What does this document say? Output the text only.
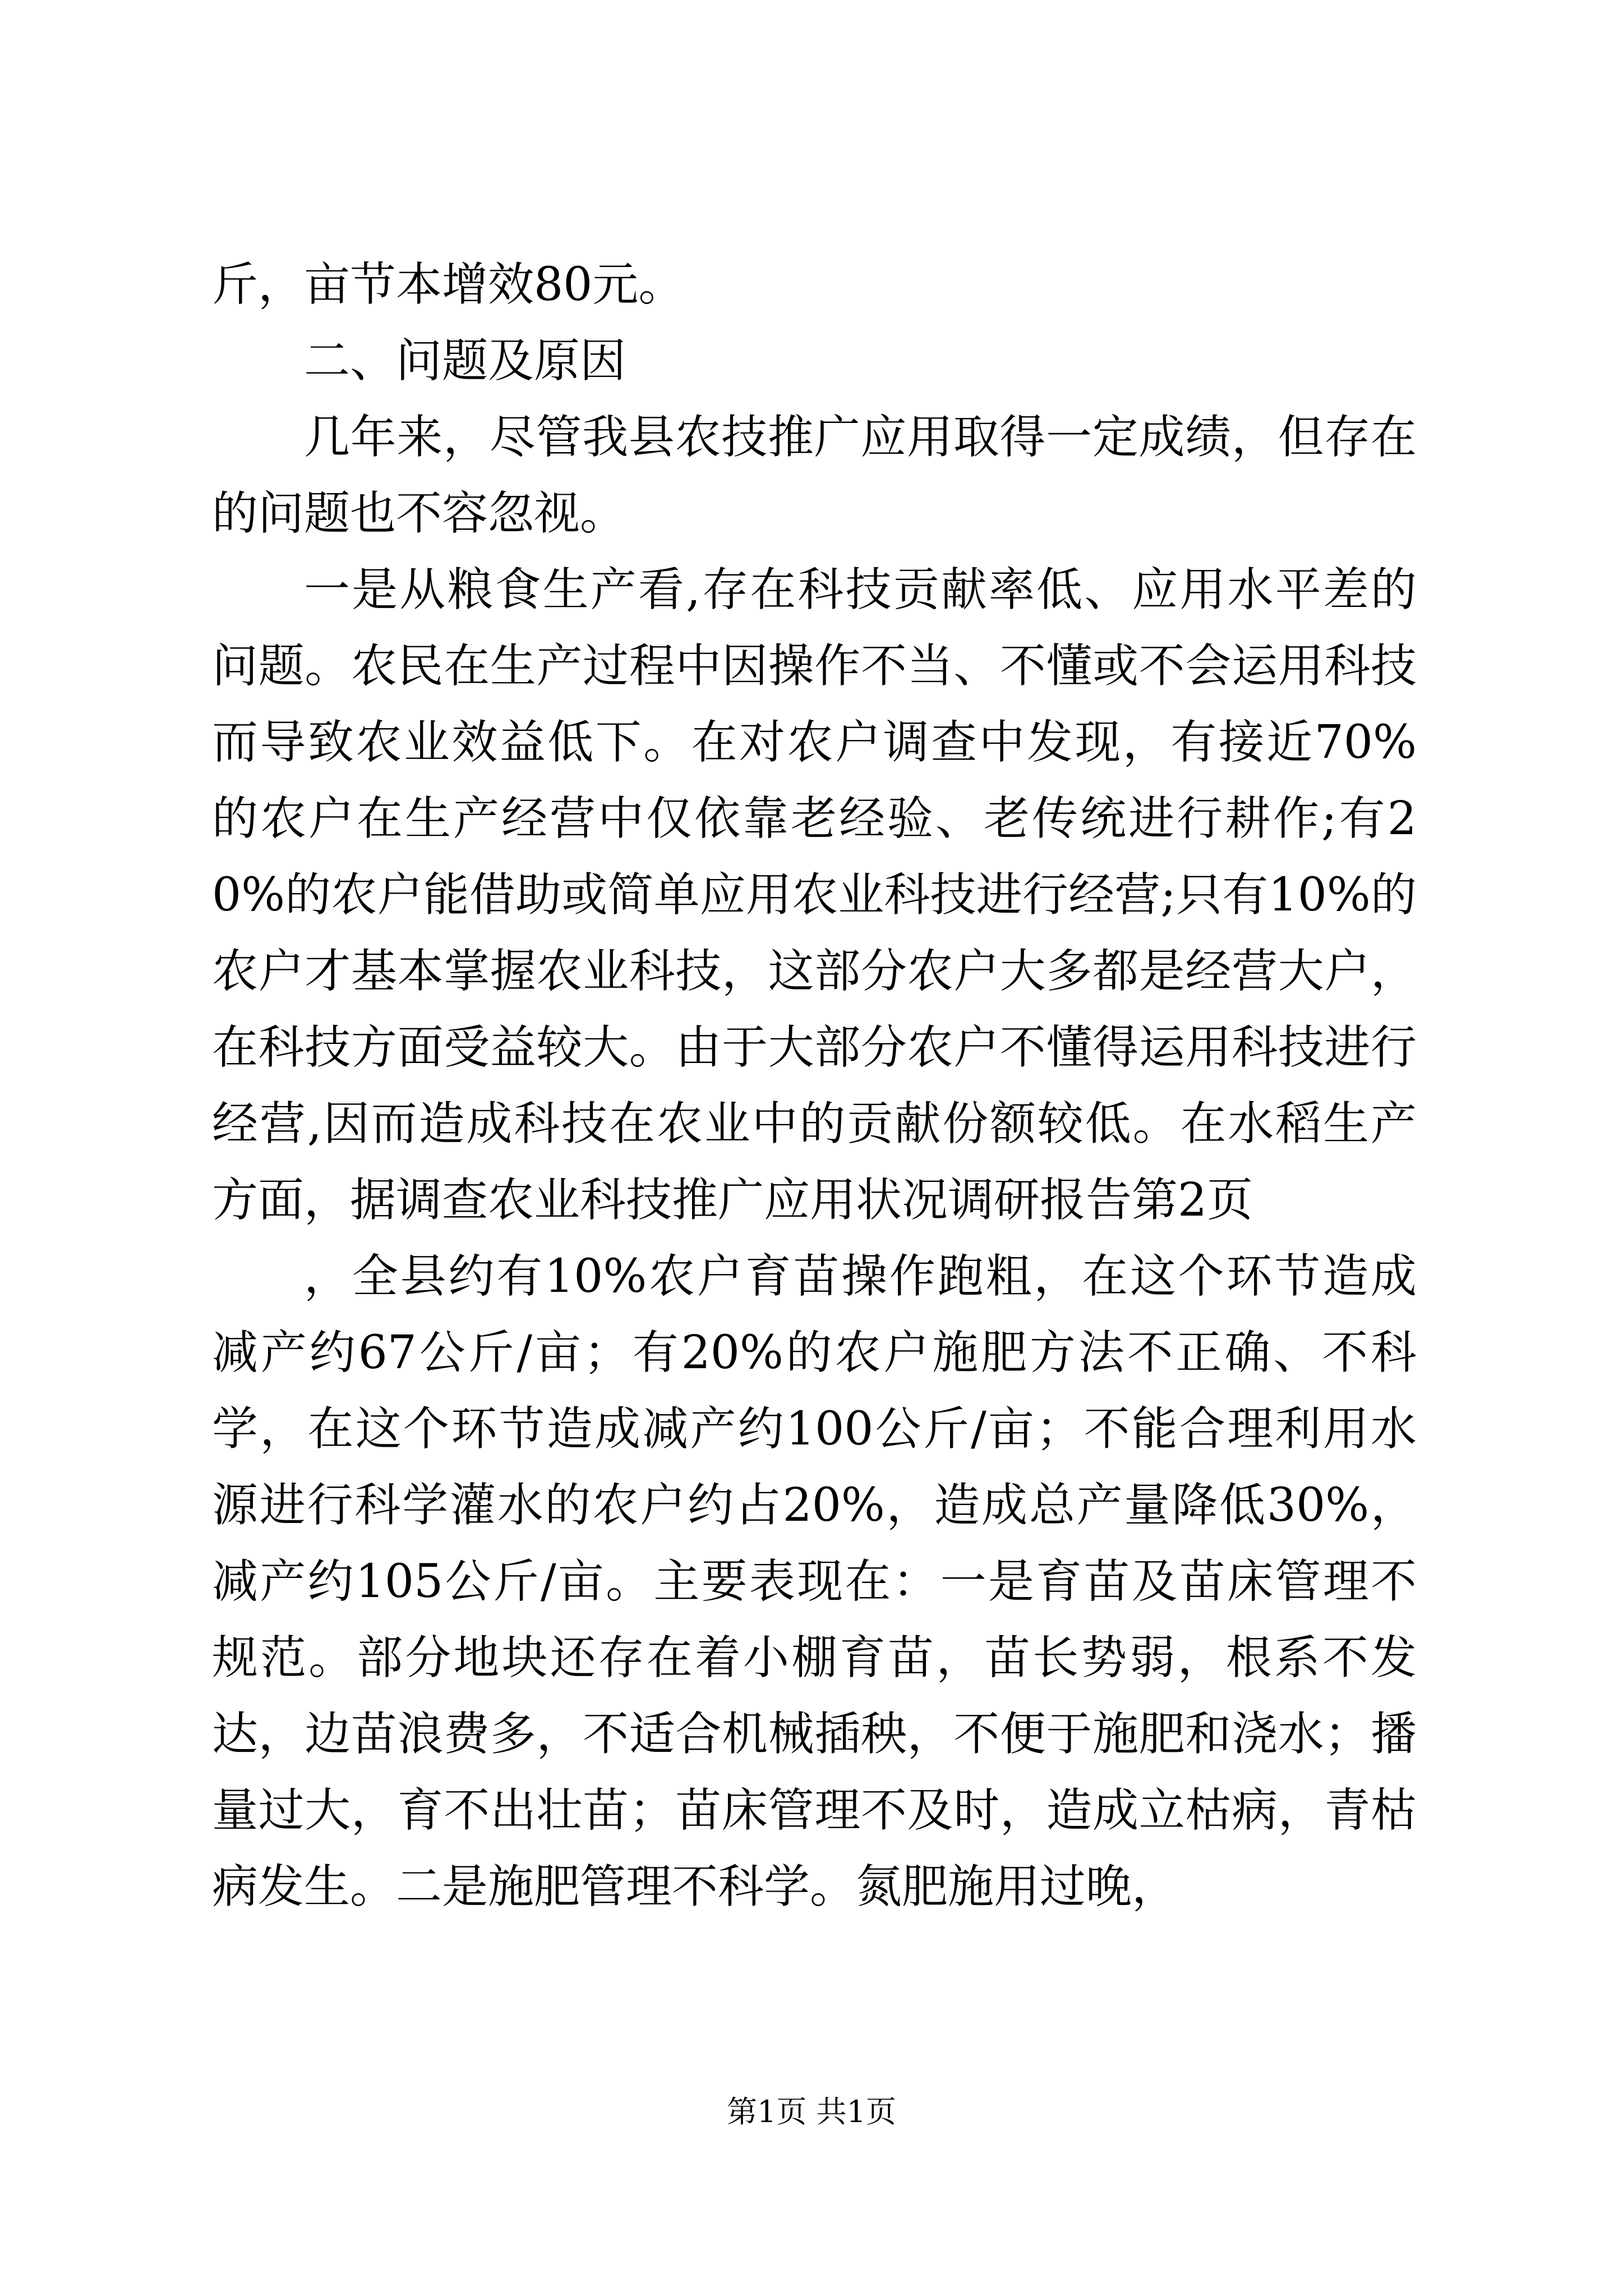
斤，亩节本增效80元。

二、问题及原因

几年来，尽管我县农技推广应用取得一定成绩，但存在的问题也不容忽视。

一是从粮食生产看,存在科技贡献率低、应用水平差的问题。农民在生产过程中因操作不当、不懂或不会运用科技而导致农业效益低下。在对农户调查中发现，有接近70%的农户在生产经营中仅依靠老经验、老传统进行耕作;有20%的农户能借助或简单应用农业科技进行经营;只有10%的农户才基本掌握农业科技，这部分农户大多都是经营大户，在科技方面受益较大。由于大部分农户不懂得运用科技进行经营,因而造成科技在农业中的贡献份额较低。在水稻生产方面，据调查农业科技推广应用状况调研报告第2页

，全县约有10%农户育苗操作跑粗，在这个环节造成减产约67公斤/亩；有20%的农户施肥方法不正确、不科学，在这个环节造成减产约100公斤/亩；不能合理利用水源进行科学灌水的农户约占20%，造成总产量降低30%，减产约105公斤/亩。主要表现在：一是育苗及苗床管理不规范。部分地块还存在着小棚育苗，苗长势弱，根系不发达，边苗浪费多，不适合机械插秧，不便于施肥和浇水；播量过大，育不出壮苗；苗床管理不及时，造成立枯病，青枯病发生。二是施肥管理不科学。氮肥施用过晚，

第1页 共1页
